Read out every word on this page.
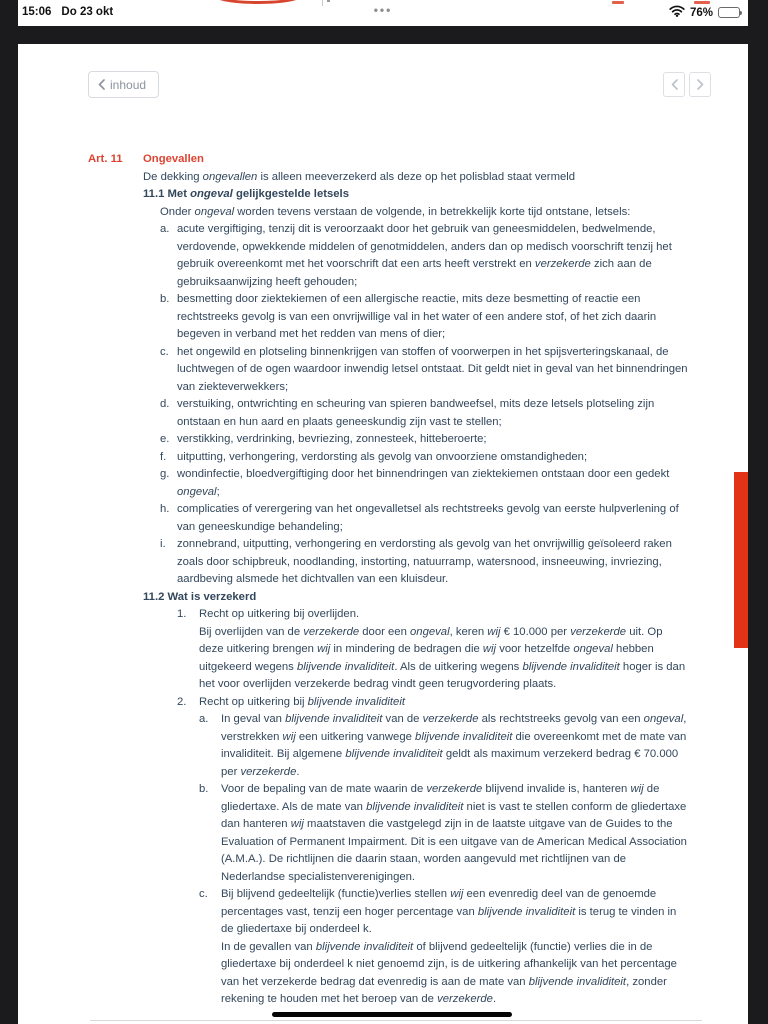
15:06 Do 23 okt	•••	76%
inhoud
Art. 11	Ongevallen
De dekking ongevallen is alleen meeverzekerd als deze op het polisblad staat vermeld
11.1 Met ongeval gelijkgestelde letsels
Onder ongeval worden tevens verstaan de volgende, in betrekkelijk korte tijd ontstane, letsels:
a. acute vergiftiging, tenzij dit is veroorzaakt door het gebruik van geneesmiddelen, bedwelmende, verdovende, opwekkende middelen of genotmiddelen, anders dan op medisch voorschrift tenzij het gebruik overeenkomt met het voorschrift dat een arts heeft verstrekt en verzekerde zich aan de gebruiksaanwijzing heeft gehouden;
b. besmetting door ziektekiemen of een allergische reactie, mits deze besmetting of reactie een rechtstreeks gevolg is van een onvrijwillige val in het water of een andere stof, of het zich daarin begeven in verband met het redden van mens of dier;
c. het ongewild en plotseling binnenkrijgen van stoffen of voorwerpen in het spijsverteringskanaal, de luchtwegen of de ogen waardoor inwendig letsel ontstaat. Dit geldt niet in geval van het binnendringen van ziekteverwekkers;
d. verstuiking, ontwrichting en scheuring van spieren bandweefsel, mits deze letsels plotseling zijn ontstaan en hun aard en plaats geneeskundig zijn vast te stellen;
e. verstikking, verdrinking, bevriezing, zonnesteek, hitteberoerte;
f. uitputting, verhongering, verdorsting als gevolg van onvoorziene omstandigheden;
g. wondinfectie, bloedvergiftiging door het binnendringen van ziektekiemen ontstaan door een gedekt ongeval;
h. complicaties of verergering van het ongevalletsel als rechtstreeks gevolg van eerste hulpverlening of van geneeskundige behandeling;
i.	zonnebrand, uitputting, verhongering en verdorsting als gevolg van het onvrijwillig geïsoleerd raken zoals door schipbreuk, noodlanding, instorting, natuurramp, watersnood, insneeuwing, invriezing, aardbeving alsmede het dichtvallen van een kluisdeur.
11.2 Wat is verzekerd
1.	Recht op uitkering bij overlijden.
Bij overlijden van de verzekerde door een ongeval, keren wij € 10.000 per verzekerde uit. Op deze uitkering brengen wij in mindering de bedragen die wij voor hetzelfde ongeval hebben uitgekeerd wegens blijvende invaliditeit. Als de uitkering wegens blijvende invaliditeit hoger is dan het voor overlijden verzekerde bedrag vindt geen terugvordering plaats.
2.	Recht op uitkering bij blijvende invaliditeit
a.	In geval van blijvende invaliditeit van de verzekerde als rechtstreeks gevolg van een ongeval, verstrekken wij een uitkering vanwege blijvende invaliditeit die overeenkomt met de mate van invaliditeit. Bij algemene blijvende invaliditeit geldt als maximum verzekerd bedrag € 70.000 per verzekerde.
b.	Voor de bepaling van de mate waarin de verzekerde blijvend invalide is, hanteren wij de gliedertaxe. Als de mate van blijvende invaliditeit niet is vast te stellen conform de gliedertaxe dan hanteren wij maatstaven die vastgelegd zijn in de laatste uitgave van de Guides to the Evaluation of Permanent Impairment. Dit is een uitgave van de American Medical Association (A.M.A.). De richtlijnen die daarin staan, worden aangevuld met richtlijnen van de Nederlandse specialistenverenigingen.
c.	Bij blijvend gedeeltelijk (functie)verlies stellen wij een evenredig deel van de genoemde percentages vast, tenzij een hoger percentage van blijvende invaliditeit is terug te vinden in de gliedertaxe bij onderdeel k.
In de gevallen van blijvende invaliditeit of blijvend gedeeltelijk (functie) verlies die in de gliedertaxe bij onderdeel k niet genoemd zijn, is de uitkering afhankelijk van het percentage van het verzekerde bedrag dat evenredig is aan de mate van blijvende invaliditeit, zonder rekening te houden met het beroep van de verzekerde.
